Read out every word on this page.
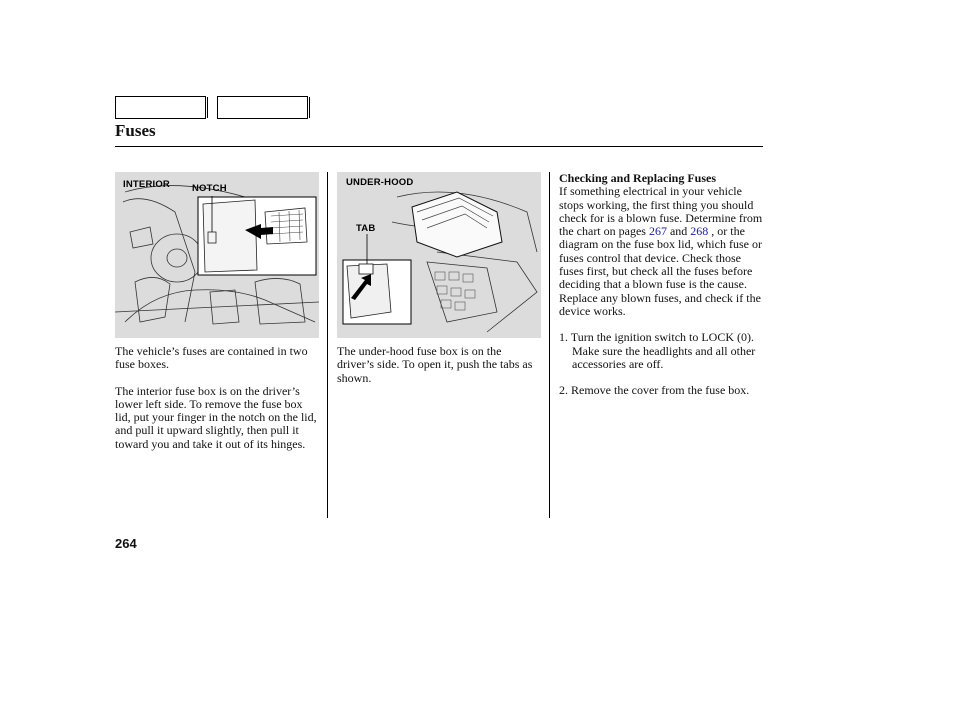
Fuses
INTERIOR NOTCH
UNDER-HOOD
TAB

The vehicle’s fuses are contained in two fuse boxes.

The interior fuse box is on the driver’s lower left side. To remove the fuse box lid, put your finger in the notch on the lid, and pull it upward slightly, then pull it toward you and take it out of its hinges.

The under-hood fuse box is on the driver’s side. To open it, push the tabs as shown.

Checking and Replacing Fuses

If something electrical in your vehicle stops working, the first thing you should check for is a blown fuse. Determine from the chart on pages 267 and 268 , or the diagram on the fuse box lid, which fuse or fuses control that device. Check those fuses first, but check all the fuses before deciding that a blown fuse is the cause. Replace any blown fuses, and check if the device works.

1. Turn the ignition switch to LOCK (0). Make sure the headlights and all other accessories are off.

2. Remove the cover from the fuse box.

264
